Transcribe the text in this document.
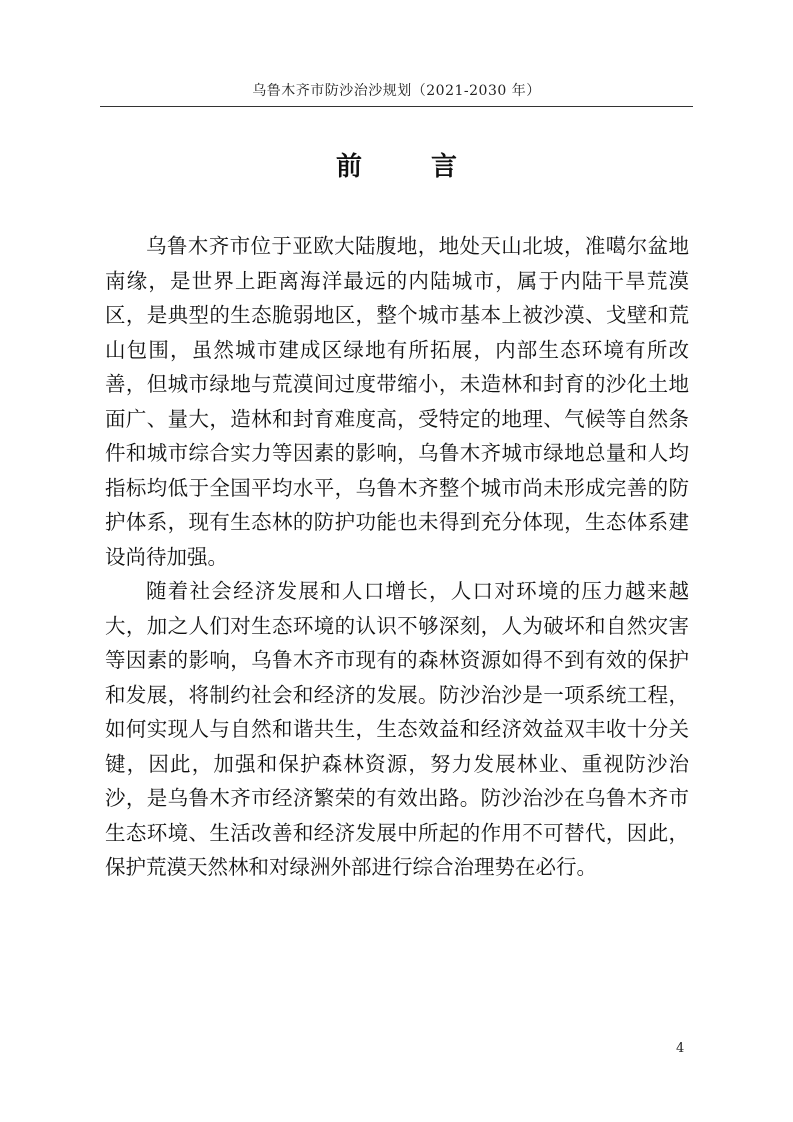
乌鲁木齐市防沙治沙规划（2021-2030 年）
前 言

乌鲁木齐市位于亚欧大陆腹地，地处天山北坡，准噶尔盆地南缘，是世界上距离海洋最远的内陆城市，属于内陆干旱荒漠区，是典型的生态脆弱地区，整个城市基本上被沙漠、戈壁和荒山包围，虽然城市建成区绿地有所拓展，内部生态环境有所改善，但城市绿地与荒漠间过度带缩小，未造林和封育的沙化土地面广、量大，造林和封育难度高，受特定的地理、气候等自然条件和城市综合实力等因素的影响，乌鲁木齐城市绿地总量和人均指标均低于全国平均水平，乌鲁木齐整个城市尚未形成完善的防护体系，现有生态林的防护功能也未得到充分体现，生态体系建设尚待加强。

随着社会经济发展和人口增长，人口对环境的压力越来越大，加之人们对生态环境的认识不够深刻，人为破坏和自然灾害等因素的影响，乌鲁木齐市现有的森林资源如得不到有效的保护和发展，将制约社会和经济的发展。防沙治沙是一项系统工程，如何实现人与自然和谐共生，生态效益和经济效益双丰收十分关键，因此，加强和保护森林资源，努力发展林业、重视防沙治沙，是乌鲁木齐市经济繁荣的有效出路。防沙治沙在乌鲁木齐市生态环境、生活改善和经济发展中所起的作用不可替代，因此，保护荒漠天然林和对绿洲外部进行综合治理势在必行。

4
